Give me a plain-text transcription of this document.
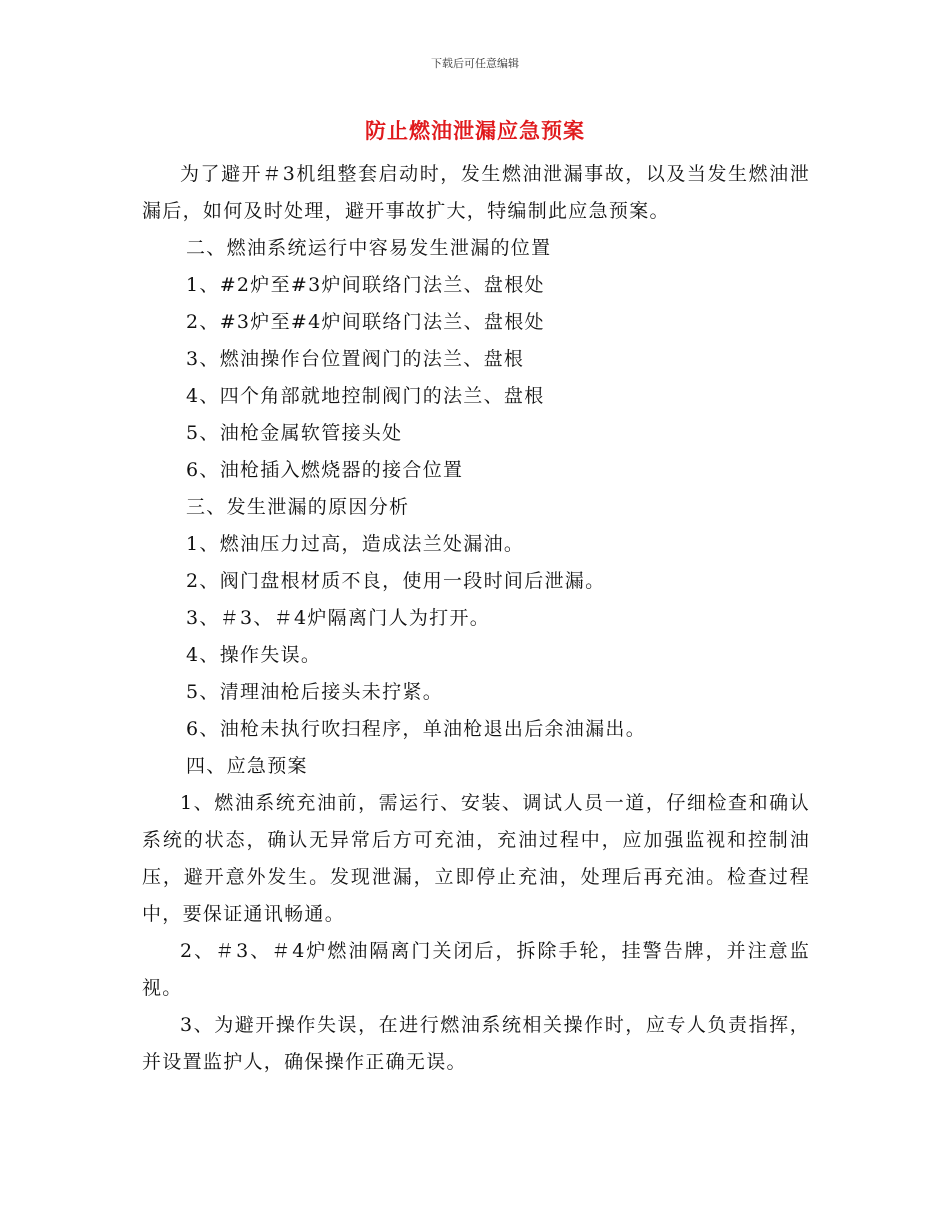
下载后可任意编辑
防止燃油泄漏应急预案

为了避开＃3机组整套启动时，发生燃油泄漏事故，以及当发生燃油泄漏后，如何及时处理，避开事故扩大，特编制此应急预案。

二、燃油系统运行中容易发生泄漏的位置

1、#2炉至#3炉间联络门法兰、盘根处

2、#3炉至#4炉间联络门法兰、盘根处

3、燃油操作台位置阀门的法兰、盘根

4、四个角部就地控制阀门的法兰、盘根

5、油枪金属软管接头处

6、油枪插入燃烧器的接合位置

三、发生泄漏的原因分析

1、燃油压力过高，造成法兰处漏油。

2、阀门盘根材质不良，使用一段时间后泄漏。

3、＃3、＃4炉隔离门人为打开。

4、操作失误。

5、清理油枪后接头未拧紧。

6、油枪未执行吹扫程序，单油枪退出后余油漏出。

四、应急预案

1、燃油系统充油前，需运行、安装、调试人员一道，仔细检查和确认系统的状态，确认无异常后方可充油，充油过程中，应加强监视和控制油压，避开意外发生。发现泄漏，立即停止充油，处理后再充油。检查过程中，要保证通讯畅通。

2、＃3、＃4炉燃油隔离门关闭后，拆除手轮，挂警告牌，并注意监视。

3、为避开操作失误，在进行燃油系统相关操作时，应专人负责指挥，并设置监护人，确保操作正确无误。
